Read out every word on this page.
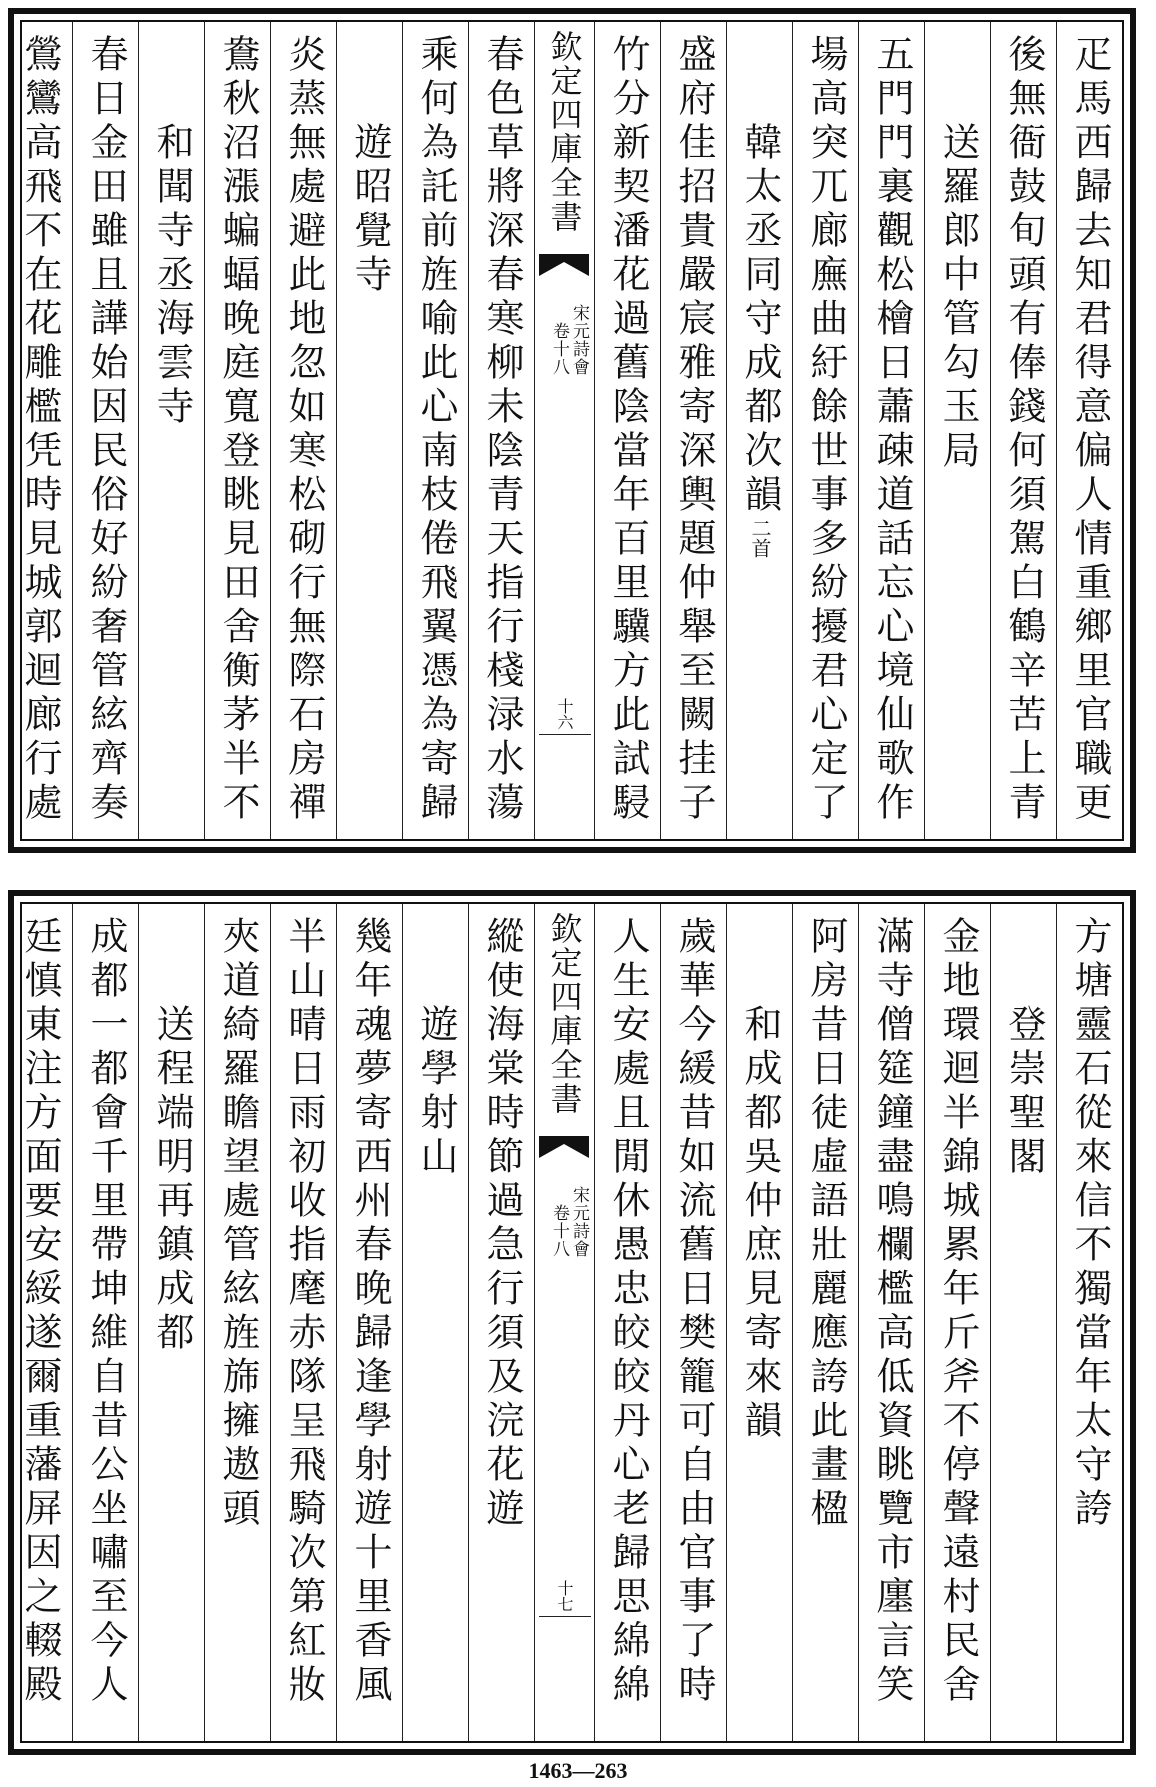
疋馬西歸去知君得意偏人情重鄉里官職更
後無衙鼓旬頭有俸錢何須駕白鶴辛苦上青
送羅郎中管勾玉局
五門門裏觀松檜日蕭疎道話忘心境仙歌作
場高突兀廊廡曲紆餘世事多紛擾君心定了
韓太丞同守成都次韻二首
盛府佳招貴嚴宸雅寄深輿題仲舉至闕挂子
竹分新契潘花過舊陰當年百里驥方此試駸
欽定四庫全書
宋元詩會
卷十八
十六
春色草將深春寒柳未陰青天指行棧渌水蕩
乘何為託前旌喻此心南枝倦飛翼憑為寄歸
遊昭覺寺
炎蒸無處避此地忽如寒松砌行無際石房禪
鴦秋沼漲蝙蝠晚庭寬登眺見田舍衡茅半不
和聞寺丞海雲寺
春日金田雖且譁始因民俗好紛奢管絃齊奏
鶯鸞高飛不在花雕檻凭時見城郭迴廊行處
方塘靈石從來信不獨當年太守誇
登崇聖閣
金地環迴半錦城累年斤斧不停聲遠村民舍
滿寺僧筵鐘盡鳴欄檻高低資眺覽市廛言笑
阿房昔日徒虛語壯麗應誇此畫楹
和成都吳仲庶見寄來韻
歲華今緩昔如流舊日樊籠可自由官事了時
人生安處且閒休愚忠皎皎丹心老歸思綿綿
欽定四庫全書
宋元詩會
卷十八
十七
縱使海棠時節過急行須及浣花遊
遊學射山
幾年魂夢寄西州春晚歸逢學射遊十里香風
半山晴日雨初收指麾赤隊呈飛騎次第紅妝
夾道綺羅瞻望處管絃旌旆擁遨頭
送程端明再鎮成都
成都一都會千里帶坤維自昔公坐嘯至今人
廷慎東注方面要安綏遂爾重藩屏因之輟殿
1463—263
